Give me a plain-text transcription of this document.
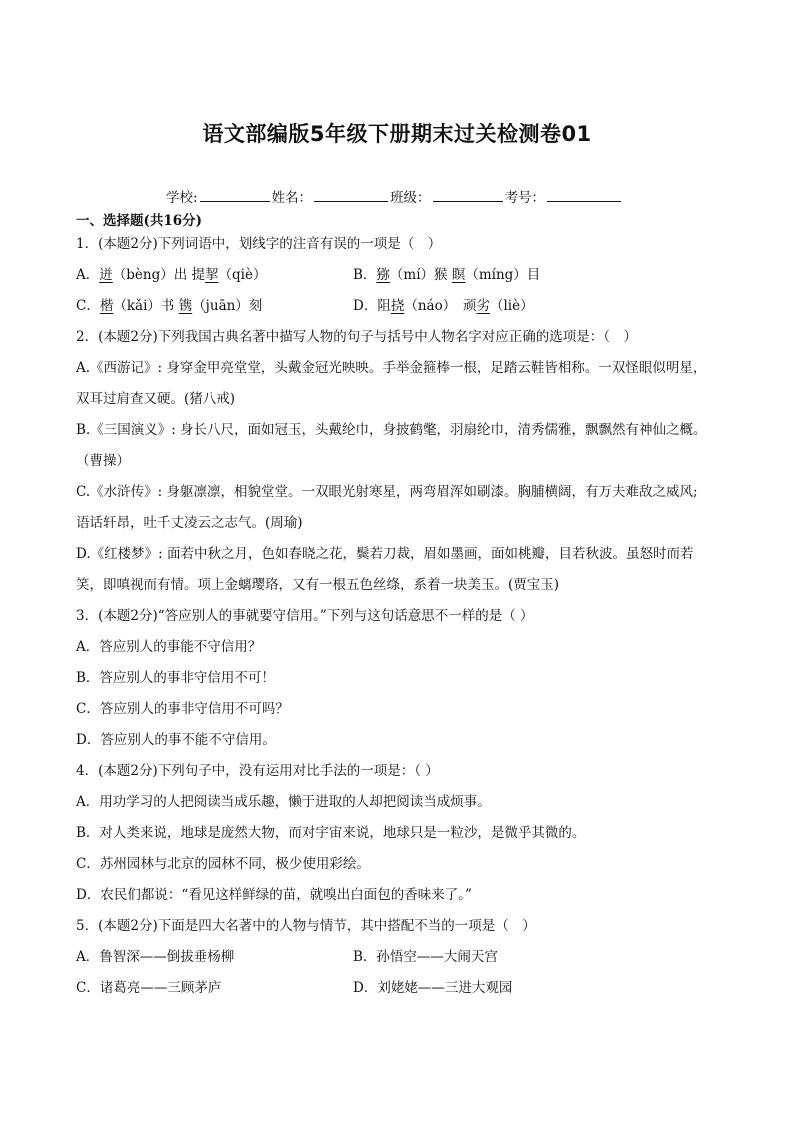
语文部编版5年级下册期末过关检测卷01
学校:	姓名：	班级：	考号：
一、选择题(共16分)
1．(本题2分)下列词语中，划线字的注音有误的一项是（　）
A．迸（bèng）出 提挈（qiè）	B．猕（mí）猴 瞑（míng）目
C．楷（kǎi）书 镌（juān）刻	D．阻挠（náo）　顽劣（liè）
2．(本题2分)下列我国古典名著中描写人物的句子与括号中人物名字对应正确的选项是：（　）
A.《西游记》: 身穿金甲亮堂堂，头戴金冠光映映。手举金箍棒一根，足踏云鞋皆相称。一双怪眼似明星，
双耳过肩查又硬。(猪八戒)
B.《三国演义》: 身长八尺，面如冠玉，头戴纶巾，身披鹤氅，羽扇纶巾，清秀儒雅，飘飘然有神仙之概。
（曹操）
C.《水浒传》: 身躯凛凛，相貌堂堂。一双眼光射寒星，两弯眉浑如刷漆。胸脯横阔，有万夫难敌之威风;
语话轩昂，吐千丈凌云之志气。(周瑜)
D.《红楼梦》: 面若中秋之月，色如春晓之花，鬓若刀裁，眉如墨画，面如桃瓣，目若秋波。虽怒时而若
笑，即嗔视而有情。项上金螭璎珞，又有一根五色丝绦，系着一块美玉。(贾宝玉)
3．(本题2分)“答应别人的事就要守信用。”下列与这句话意思不一样的是（ ）
A．答应别人的事能不守信用？
B．答应别人的事非守信用不可！
C．答应别人的事非守信用不可吗？
D．答应别人的事不能不守信用。
4．(本题2分)下列句子中，没有运用对比手法的一项是：（ ）
A．用功学习的人把阅读当成乐趣，懒于进取的人却把阅读当成烦事。
B．对人类来说，地球是庞然大物，而对宇宙来说，地球只是一粒沙，是微乎其微的。
C．苏州园林与北京的园林不同，极少使用彩绘。
D．农民们都说：“看见这样鲜绿的苗，就嗅出白面包的香味来了。”
5．(本题2分)下面是四大名著中的人物与情节，其中搭配不当的一项是（　）
A．鲁智深——倒拔垂杨柳	B．孙悟空——大闹天宫
C．诸葛亮——三顾茅庐	D．刘姥姥——三进大观园
